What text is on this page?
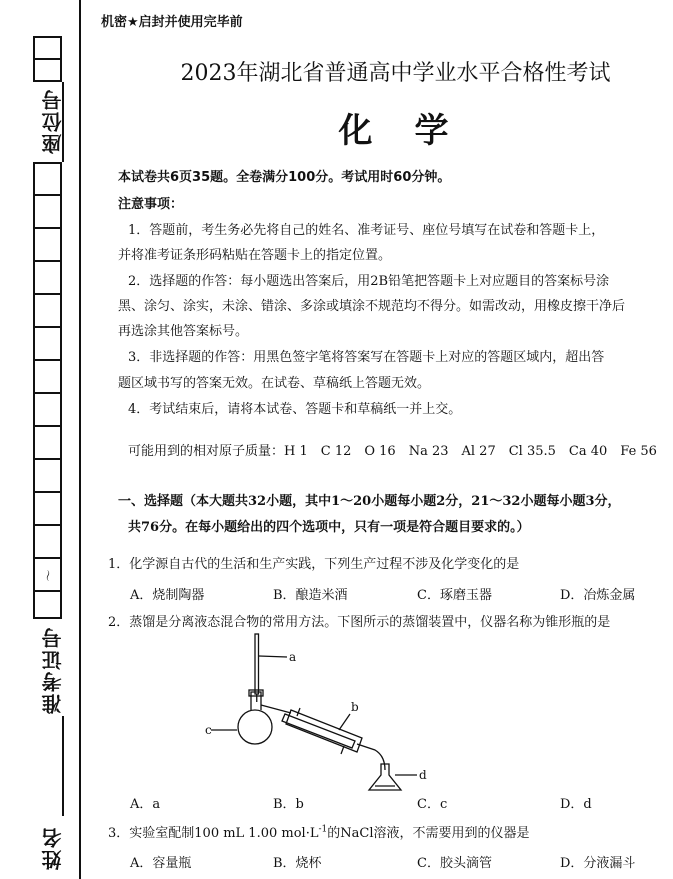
座位号
～
准考证号
姓名
机密★启封并使用完毕前
2023年湖北省普通高中学业水平合格性考试
化　学
本试卷共6页35题。全卷满分100分。考试用时60分钟。
注意事项：
1．答题前，考生务必先将自己的姓名、准考证号、座位号填写在试卷和答题卡上，
并将准考证条形码粘贴在答题卡上的指定位置。
2．选择题的作答：每小题选出答案后，用2B铅笔把答题卡上对应题目的答案标号涂
黑、涂匀、涂实，未涂、错涂、多涂或填涂不规范均不得分。如需改动，用橡皮擦干净后
再选涂其他答案标号。
3．非选择题的作答：用黑色签字笔将答案写在答题卡上对应的答题区域内，超出答
题区域书写的答案无效。在试卷、草稿纸上答题无效。
4．考试结束后，请将本试卷、答题卡和草稿纸一并上交。
可能用到的相对原子质量：H 1　C 12　O 16　Na 23　Al 27　Cl 35.5　Ca 40　Fe 56
一、选择题（本大题共32小题，其中1～20小题每小题2分，21～32小题每小题3分，
共76分。在每小题给出的四个选项中，只有一项是符合题目要求的。）
1．化学源自古代的生活和生产实践，下列生产过程不涉及化学变化的是
A．烧制陶器	B．酿造米酒	C．琢磨玉器	D．冶炼金属
2．蒸馏是分离液态混合物的常用方法。下图所示的蒸馏装置中，仪器名称为锥形瓶的是
a
b
c
d
A．a	B．b	C．c	D．d
3．实验室配制100 mL 1.00 $mol\cdot L^{-1}$的NaCl溶液，不需要用到的仪器是
A．容量瓶	B．烧杯	C．胶头滴管	D．分液漏斗
